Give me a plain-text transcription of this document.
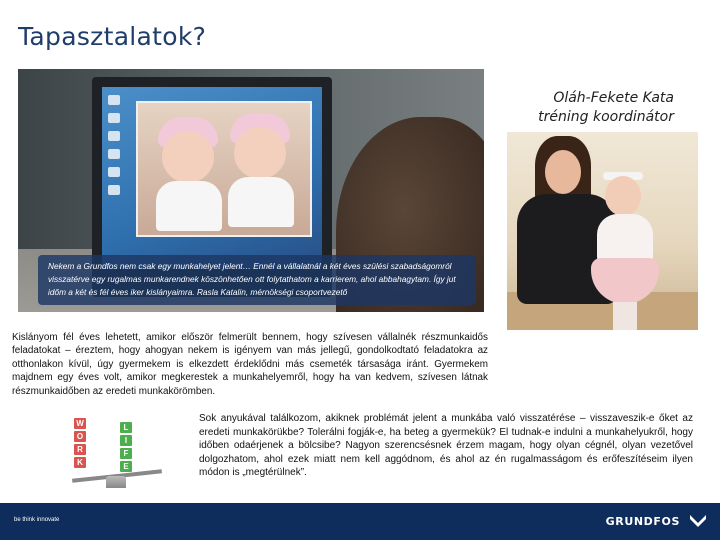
Tapasztalatok?
Nekem a Grundfos nem csak egy munkahelyet jelent… Ennél a vállalatnál a két éves szülési szabadságomról visszatérve egy rugalmas munkarendnek köszönhetően ott folytathatom a karrierem, ahol abbahagytam. Így jut időm a két és fél éves iker kislányaimra. Rasla Katalin, mérnökségi csoportvezető
Oláh-Fekete Kata
tréning koordinátor
Kislányom fél éves lehetett, amikor először felmerült bennem, hogy szívesen vállalnék részmunkaidős feladatokat – éreztem, hogy ahogyan nekem is igényem van más jellegű, gondolkodtató feladatokra az otthonlakon kívül, úgy gyermekem is elkezdett érdeklődni más csemeték társasága iránt. Gyermekem majdnem egy éves volt, amikor megkerestek a munkahelyemről, hogy ha van kedvem, szívesen látnak részmunkaidőben az eredeti munkakörömben.
W
O
R
K
L
I
F
E
Sok anyukával találkozom, akiknek problémát jelent a munkába való visszatérése – visszaveszik-e őket az eredeti munkakörükbe? Tolerálni fogják-e, ha beteg a gyermekük? El tudnak-e indulni a munkahelyukről, hogy időben odaérjenek a bölcsibe? Nagyon szerencsésnek érzem magam, hogy olyan cégnél, olyan vezetővel dolgozhatom, ahol ezek miatt nem kell aggódnom, és ahol az én rugalmasságom és erőfeszítéseim ilyen módon is „megtérülnek”.
be think innovate	GRUNDFOS
